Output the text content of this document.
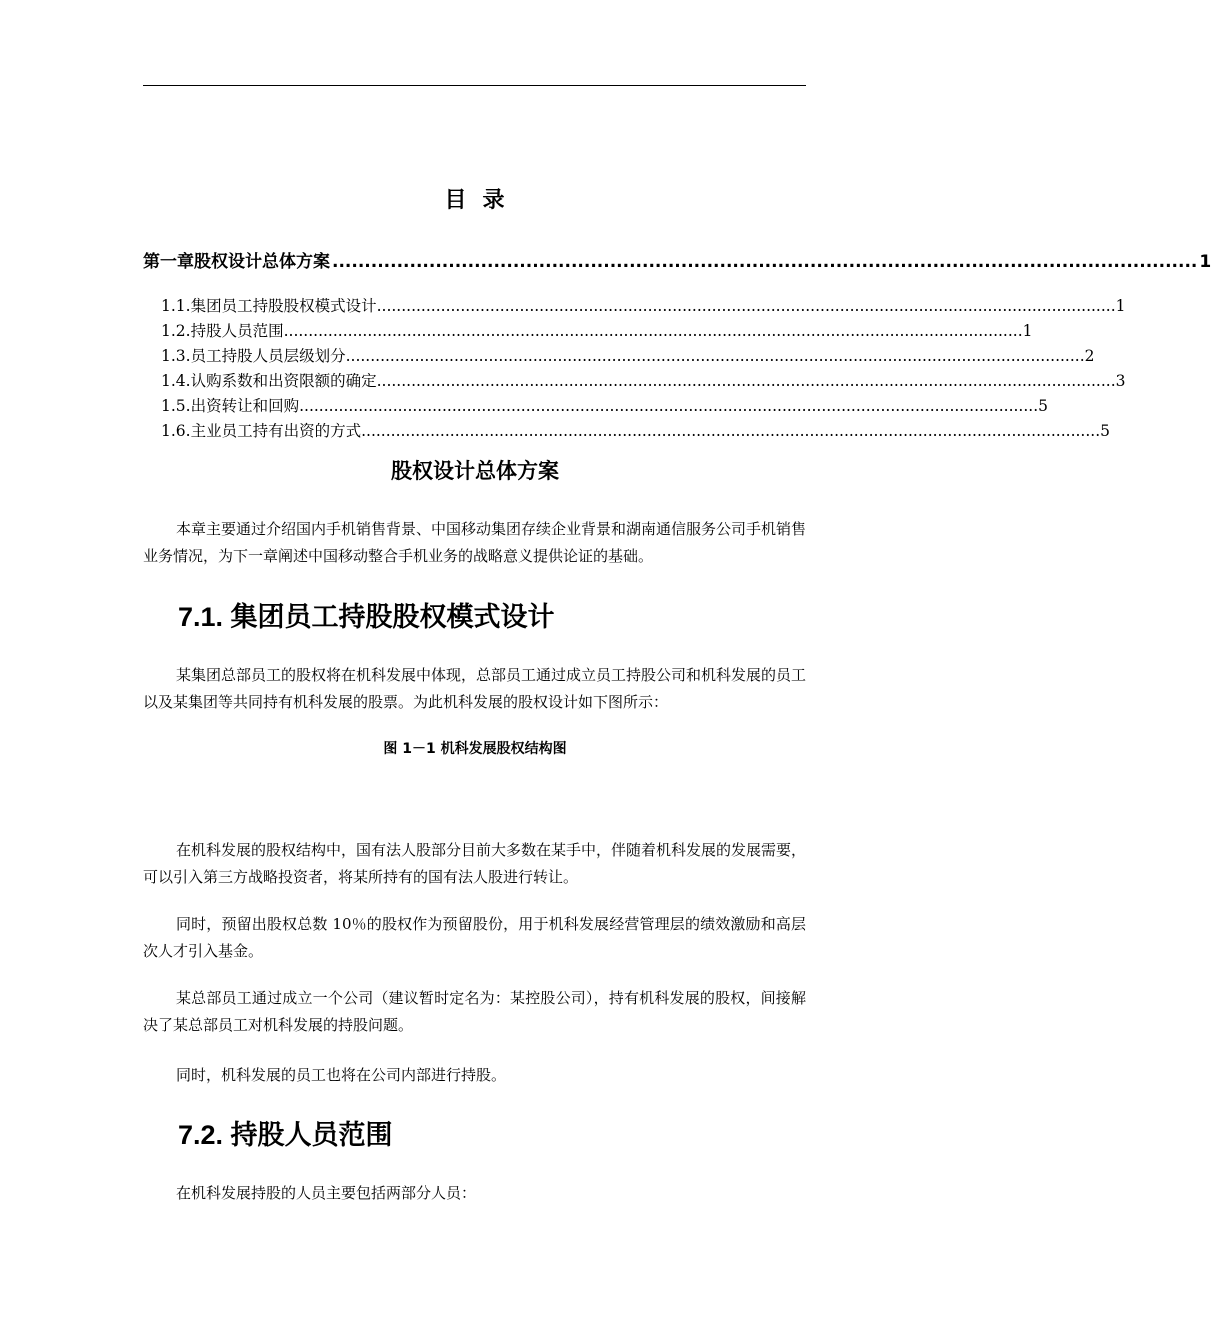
目 录
第一章 股权设计总体方案 ...................................................................................................................................... 1
1.1. 集团员工持股股权模式设计 ...................................................................................................................................................... 1
1.2. 持股人员范围 ...................................................................................................................................................... 1
1.3. 员工持股人员层级划分 ...................................................................................................................................................... 2
1.4. 认购系数和出资限额的确定 ...................................................................................................................................................... 3
1.5. 出资转让和回购 ...................................................................................................................................................... 5
1.6. 主业员工持有出资的方式 ...................................................................................................................................................... 5
股权设计总体方案
本章主要通过介绍国内手机销售背景、中国移动集团存续企业背景和湖南通信服务公司手机销售业务情况，为下一章阐述中国移动整合手机业务的战略意义提供论证的基础。
7.1. 集团员工持股股权模式设计
某集团总部员工的股权将在机科发展中体现，总部员工通过成立员工持股公司和机科发展的员工以及某集团等共同持有机科发展的股票。为此机科发展的股权设计如下图所示：
图 1－1 机科发展股权结构图
在机科发展的股权结构中，国有法人股部分目前大多数在某手中，伴随着机科发展的发展需要，可以引入第三方战略投资者，将某所持有的国有法人股进行转让。
同时，预留出股权总数 10％的股权作为预留股份，用于机科发展经营管理层的绩效激励和高层次人才引入基金。
某总部员工通过成立一个公司（建议暂时定名为：某控股公司），持有机科发展的股权，间接解决了某总部员工对机科发展的持股问题。
同时，机科发展的员工也将在公司内部进行持股。
7.2. 持股人员范围
在机科发展持股的人员主要包括两部分人员：
